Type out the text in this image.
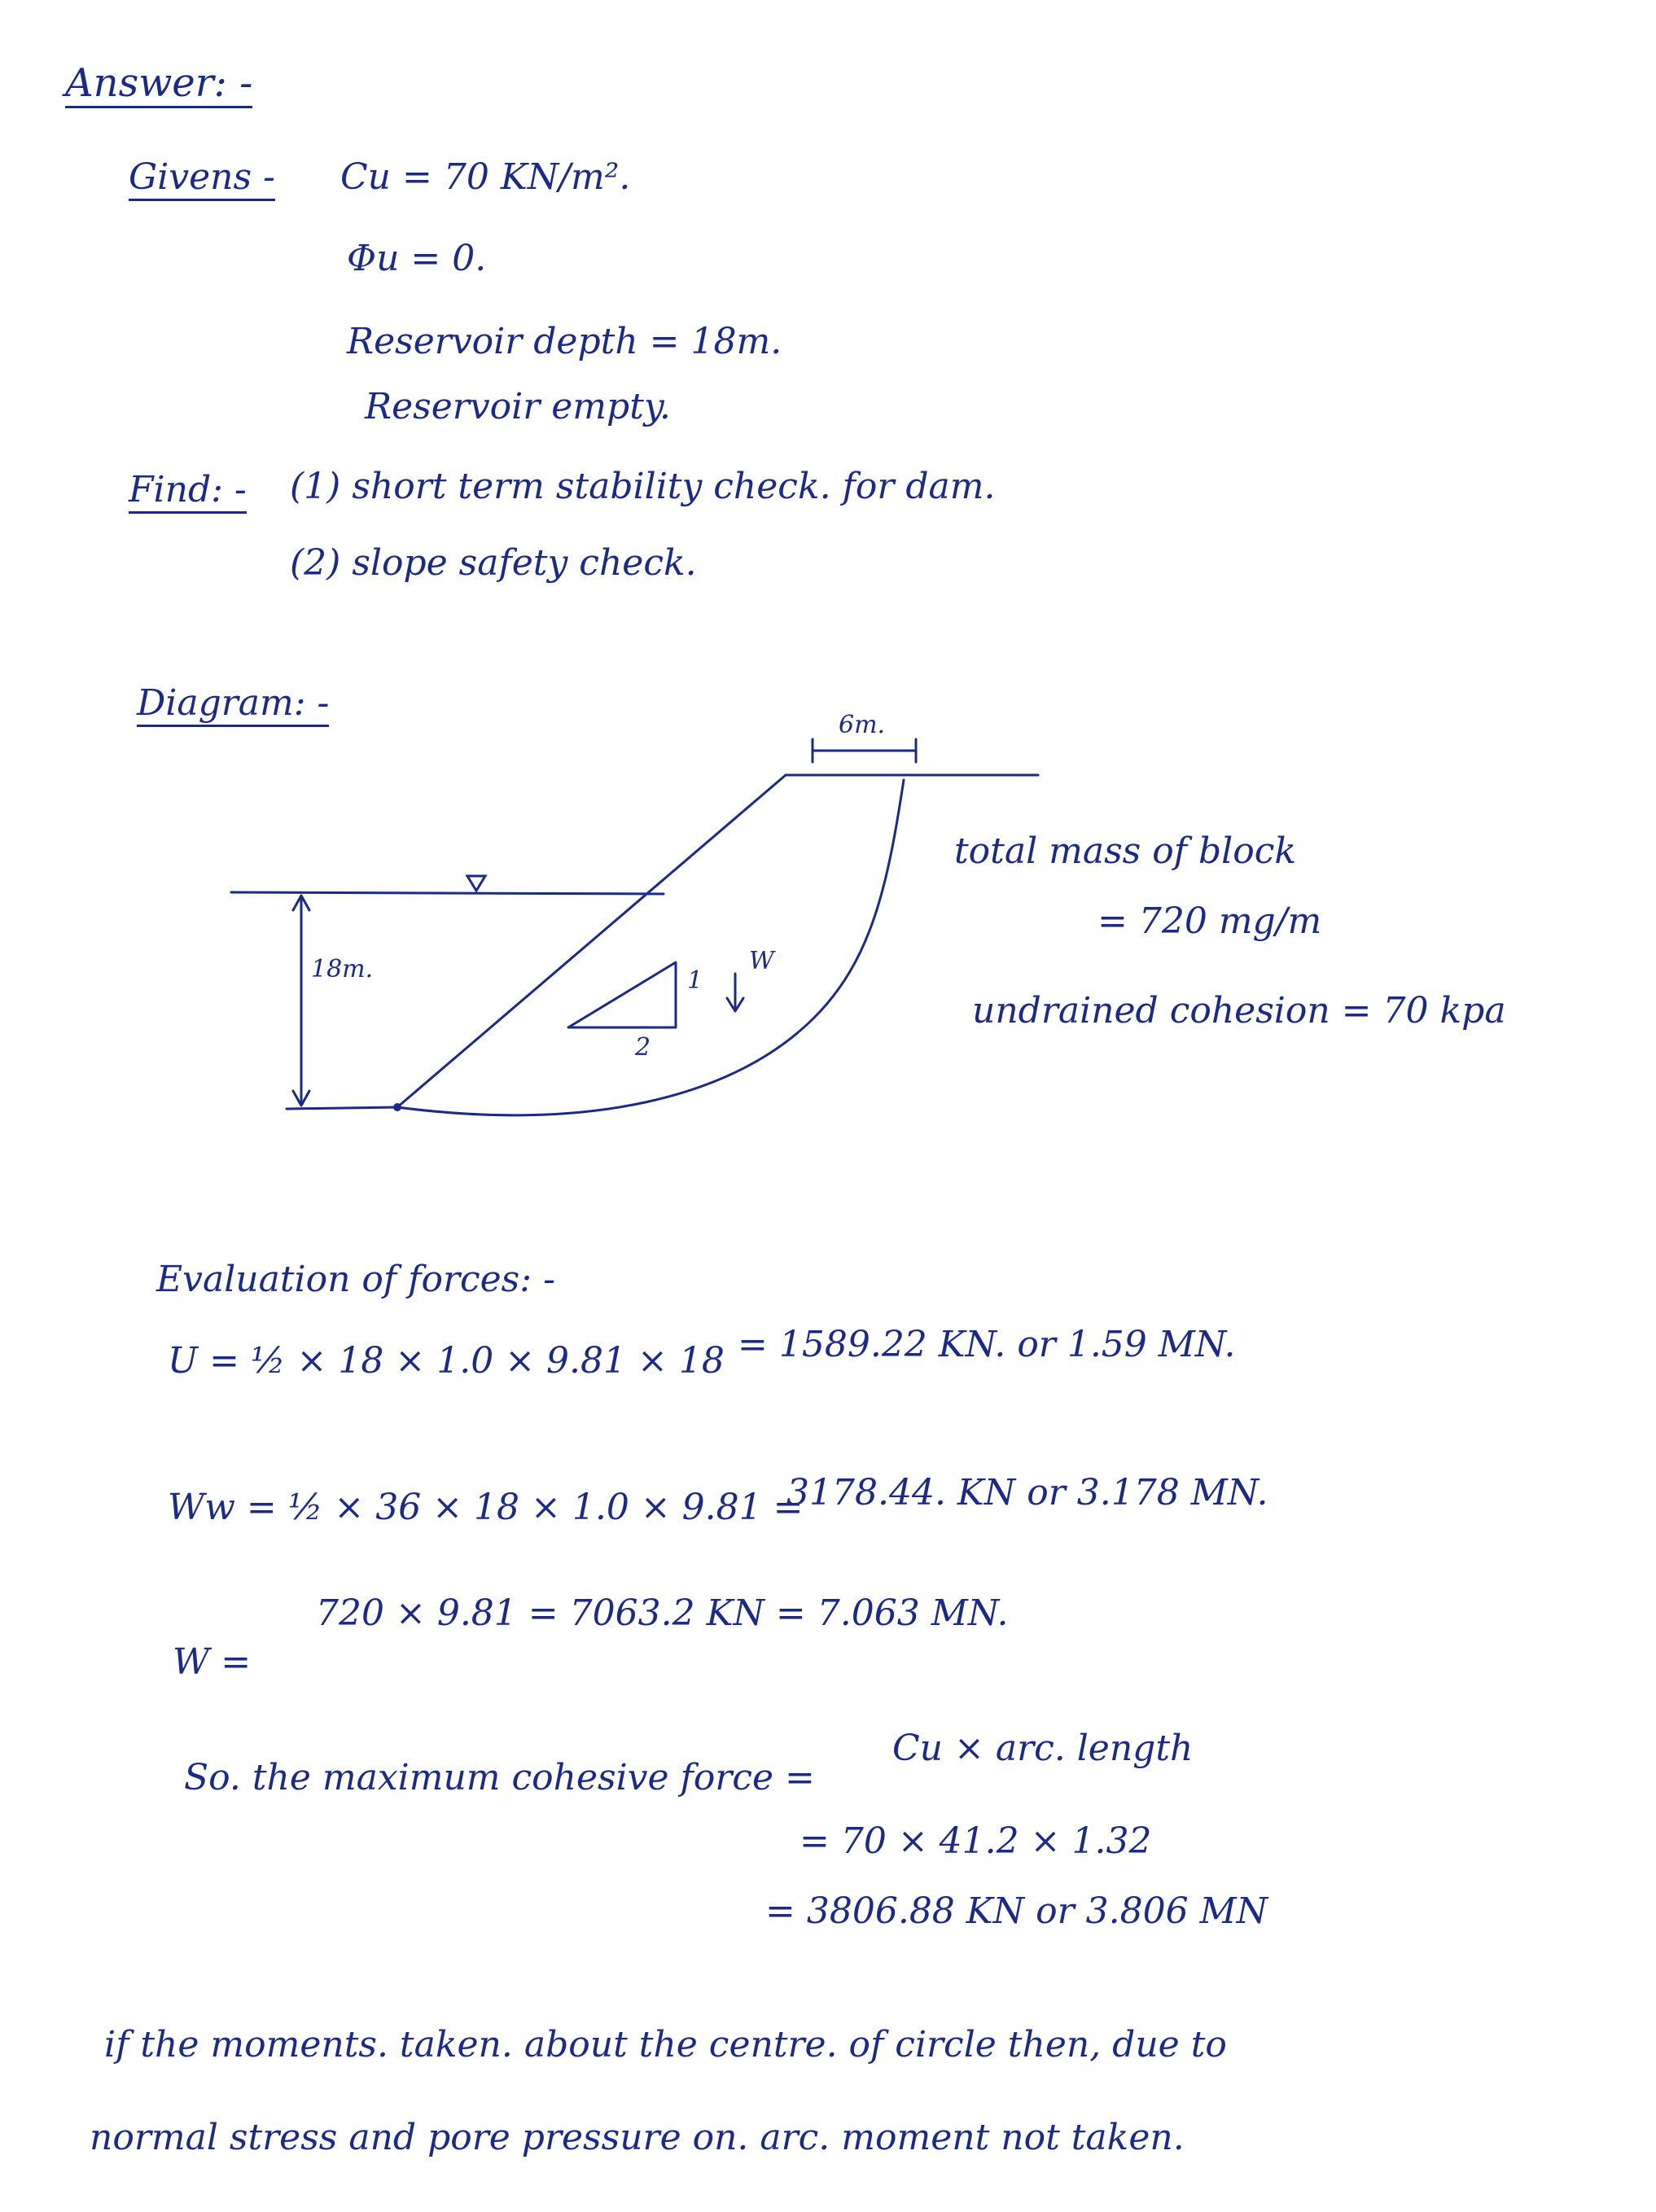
Answer: -
Givens - Cu = 70 KN/m².
Φu = 0.
Reservoir depth = 18m.
Reservoir empty.
Find: - (1) short term stability check. for dam.
(2) slope safety check.
Diagram: -
6m.
18m.	1
2
W
total mass of block
= 720 mg/m
undrained cohesion = 70 kpa
Evaluation of forces: -
U = ½ × 18 × 1.0 × 9.81 × 18 = 1589.22 KN. or 1.59 MN.
Ww = ½ × 36 × 18 × 1.0 × 9.81 =
3178.44. KN or 3.178 MN.
W =
720 × 9.81 = 7063.2 KN = 7.063 MN.
So. the maximum cohesive force =
Cu × arc. length
= 70 × 41.2 × 1.32
= 3806.88 KN or 3.806 MN
if the moments. taken. about the centre. of circle then, due to
normal stress and pore pressure on. arc. moment not taken.
